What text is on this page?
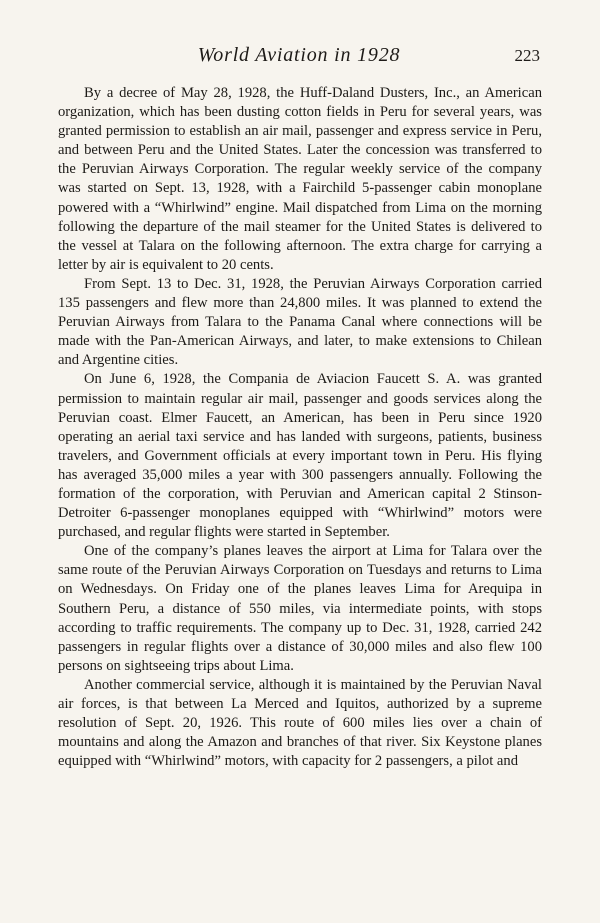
World Aviation in 1928	223

By a decree of May 28, 1928, the Huff-Daland Dusters, Inc., an American organization, which has been dusting cotton fields in Peru for several years, was granted permission to establish an air mail, passenger and express service in Peru, and between Peru and the United States. Later the concession was transferred to the Peruvian Airways Corporation. The regular weekly service of the company was started on Sept. 13, 1928, with a Fairchild 5-passenger cabin monoplane powered with a “Whirlwind” engine. Mail dispatched from Lima on the morning following the departure of the mail steamer for the United States is delivered to the vessel at Talara on the following afternoon. The extra charge for carrying a letter by air is equivalent to 20 cents.

From Sept. 13 to Dec. 31, 1928, the Peruvian Airways Corporation carried 135 passengers and flew more than 24,800 miles. It was planned to extend the Peruvian Airways from Talara to the Panama Canal where connections will be made with the Pan-American Airways, and later, to make extensions to Chilean and Argentine cities.

On June 6, 1928, the Compania de Aviacion Faucett S. A. was granted permission to maintain regular air mail, passenger and goods services along the Peruvian coast. Elmer Faucett, an American, has been in Peru since 1920 operating an aerial taxi service and has landed with surgeons, patients, business travelers, and Government officials at every important town in Peru. His flying has averaged 35,000 miles a year with 300 passengers annually. Following the formation of the corporation, with Peruvian and American capital 2 Stinson-Detroiter 6-passenger monoplanes equipped with “Whirlwind” motors were purchased, and regular flights were started in September.

One of the company’s planes leaves the airport at Lima for Talara over the same route of the Peruvian Airways Corporation on Tuesdays and returns to Lima on Wednesdays. On Friday one of the planes leaves Lima for Arequipa in Southern Peru, a distance of 550 miles, via intermediate points, with stops according to traffic requirements. The company up to Dec. 31, 1928, carried 242 passengers in regular flights over a distance of 30,000 miles and also flew 100 persons on sightseeing trips about Lima.

Another commercial service, although it is maintained by the Peruvian Naval air forces, is that between La Merced and Iquitos, authorized by a supreme resolution of Sept. 20, 1926. This route of 600 miles lies over a chain of mountains and along the Amazon and branches of that river. Six Keystone planes equipped with “Whirlwind” motors, with capacity for 2 passengers, a pilot and
